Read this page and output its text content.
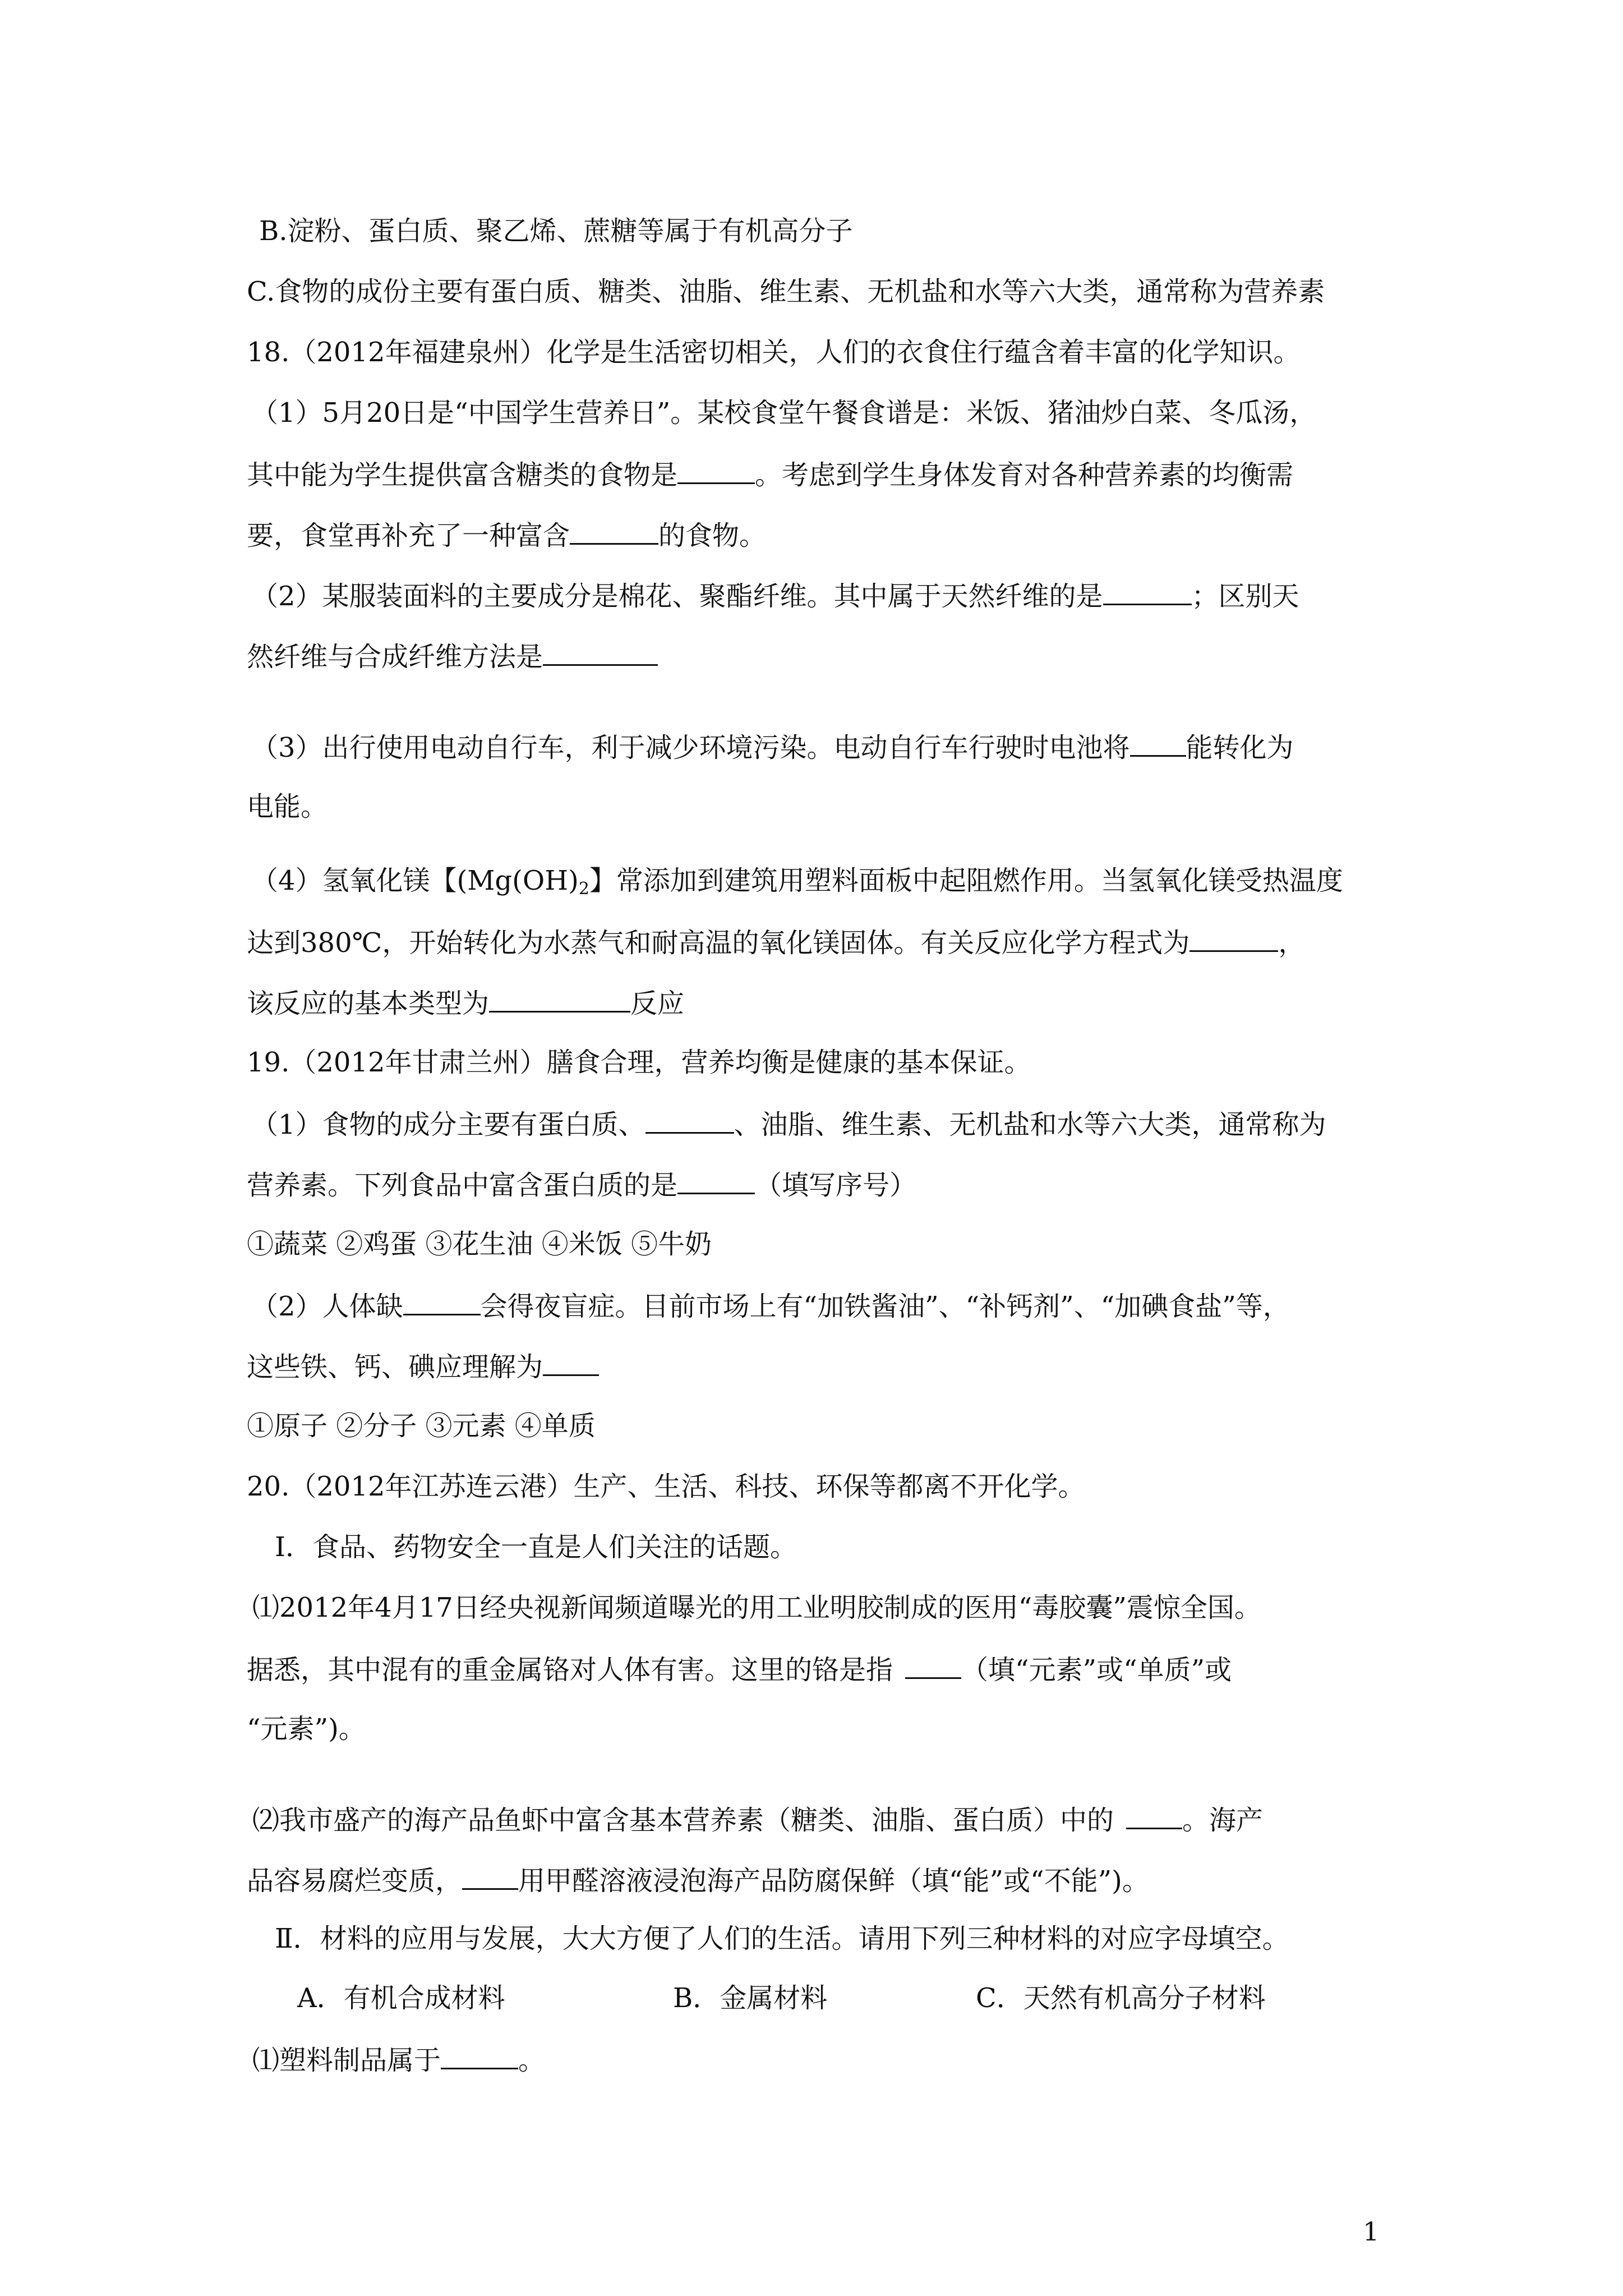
B.淀粉、蛋白质、聚乙烯、蔗糖等属于有机高分子
C.食物的成份主要有蛋白质、糖类、油脂、维生素、无机盐和水等六大类，通常称为营养素
18.（2012年福建泉州）化学是生活密切相关，人们的衣食住行蕴含着丰富的化学知识。
（1）5月20日是“中国学生营养日”。某校食堂午餐食谱是：米饭、猪油炒白菜、冬瓜汤，
其中能为学生提供富含糖类的食物是	。考虑到学生身体发育对各种营养素的均衡需
要，食堂再补充了一种富含	的食物。
（2）某服装面料的主要成分是棉花、聚酯纤维。其中属于天然纤维的是	；区别天
然纤维与合成纤维方法是
（3）出行使用电动自行车，利于减少环境污染。电动自行车行驶时电池将 能转化为
电能。
（4）氢氧化镁【($Mg(OH)_2$】常添加到建筑用塑料面板中起阻燃作用。当氢氧化镁受热温度
达到380℃，开始转化为水蒸气和耐高温的氧化镁固体。有关反应化学方程式为	，
该反应的基本类型为	反应
19.（2012年甘肃兰州）膳食合理，营养均衡是健康的基本保证。
（1）食物的成分主要有蛋白质、	、油脂、维生素、无机盐和水等六大类，通常称为
营养素。下列食品中富含蛋白质的是	（填写序号）
①蔬菜 ②鸡蛋 ③花生油 ④米饭 ⑤牛奶
（2）人体缺	会得夜盲症。目前市场上有“加铁酱油”、“补钙剂”、“加碘食盐”等，
这些铁、钙、碘应理解为
①原子 ②分子 ③元素 ④单质
20.（2012年江苏连云港）生产、生活、科技、环保等都离不开化学。
Ⅰ．食品、药物安全一直是人们关注的话题。
⑴2012年4月17日经央视新闻频道曝光的用工业明胶制成的医用“毒胶囊”震惊全国。
据悉，其中混有的重金属铬对人体有害。这里的铬是指	（填“元素”或“单质”或
“元素”)。
⑵我市盛产的海产品鱼虾中富含基本营养素（糖类、油脂、蛋白质）中的	。海产
品容易腐烂变质， 用甲醛溶液浸泡海产品防腐保鲜（填“能”或“不能”)。
Ⅱ．材料的应用与发展，大大方便了人们的生活。请用下列三种材料的对应字母填空。
A．有机合成材料	B．金属材料	C．天然有机高分子材料
⑴塑料制品属于	。
1
